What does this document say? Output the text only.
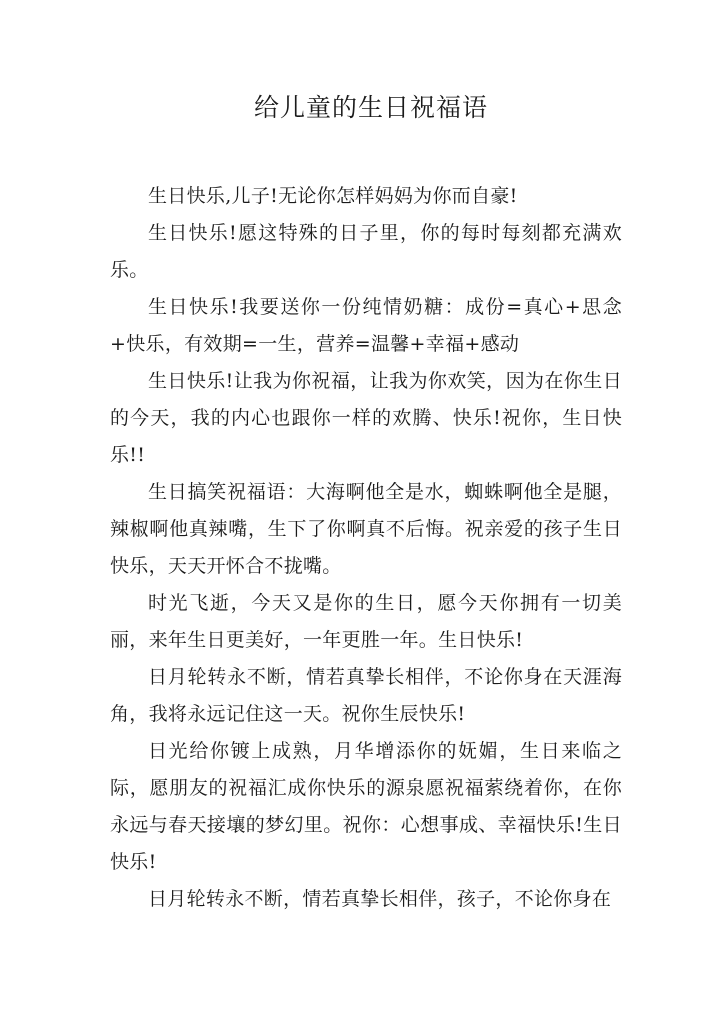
给儿童的生日祝福语

生日快乐,儿子!无论你怎样妈妈为你而自豪!

生日快乐!愿这特殊的日子里，你的每时每刻都充满欢乐。

生日快乐!我要送你一份纯情奶糖：成份=真心+思念+快乐，有效期=一生，营养=温馨+幸福+感动

生日快乐!让我为你祝福，让我为你欢笑，因为在你生日的今天，我的内心也跟你一样的欢腾、快乐!祝你，生日快乐!!

生日搞笑祝福语：大海啊他全是水，蜘蛛啊他全是腿，辣椒啊他真辣嘴，生下了你啊真不后悔。祝亲爱的孩子生日快乐，天天开怀合不拢嘴。

时光飞逝，今天又是你的生日，愿今天你拥有一切美丽，来年生日更美好，一年更胜一年。生日快乐!

日月轮转永不断，情若真挚长相伴，不论你身在天涯海角，我将永远记住这一天。祝你生辰快乐!

日光给你镀上成熟，月华增添你的妩媚，生日来临之际，愿朋友的祝福汇成你快乐的源泉愿祝福萦绕着你，在你永远与春天接壤的梦幻里。祝你：心想事成、幸福快乐!生日快乐!

日月轮转永不断，情若真挚长相伴，孩子，不论你身在
